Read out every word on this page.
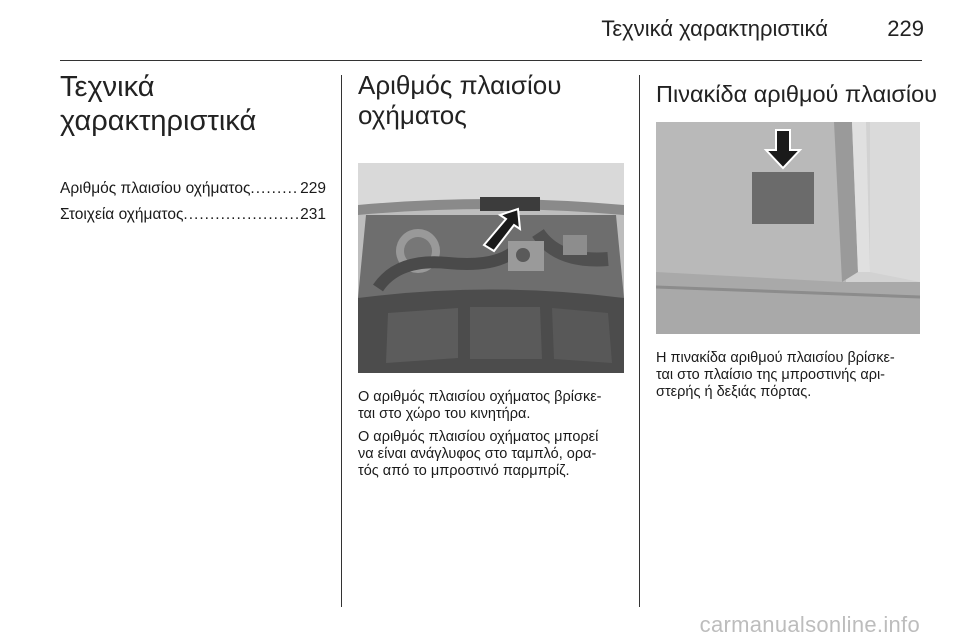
Τεχνικά χαρακτηριστικά	229
Τεχνικά
χαρακτηριστικά
Αριθμός πλαισίου οχήματος .....	229
Στοιχεία οχήματος .....	231
Αριθμός πλαισίου
οχήματος

Ο αριθμός πλαισίου οχήματος βρίσκε-
ται στο χώρο του κινητήρα.

Ο αριθμός πλαισίου οχήματος μπορεί
να είναι ανάγλυφος στο ταμπλό, ορα-
τός από το μπροστινό παρμπρίζ.

Πινακίδα αριθμού πλαισίου

Η πινακίδα αριθμού πλαισίου βρίσκε-
ται στο πλαίσιο της μπροστινής αρι-
στερής ή δεξιάς πόρτας.

carmanualsonline.info
